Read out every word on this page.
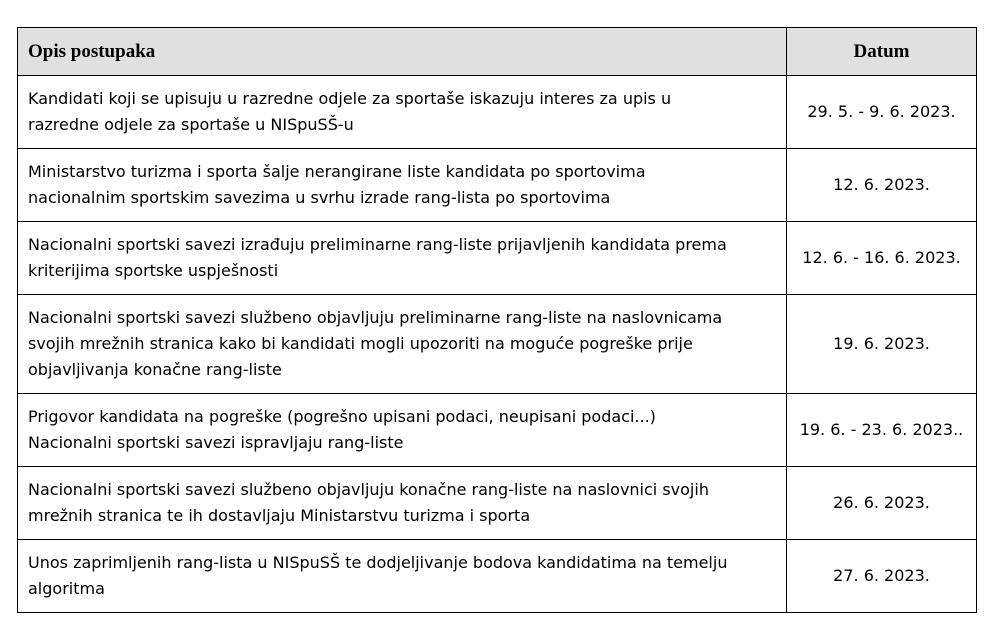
Opis postupaka	Datum

Kandidati koji se upisuju u razredne odjele za sportaše iskazuju interes za upis u
razredne odjele za sportaše u NISpuSŠ-u	29. 5. - 9. 6. 2023.

Ministarstvo turizma i sporta šalje nerangirane liste kandidata po sportovima
nacionalnim sportskim savezima u svrhu izrade rang-lista po sportovima	12. 6. 2023.

Nacionalni sportski savezi izrađuju preliminarne rang-liste prijavljenih kandidata prema
kriterijima sportske uspješnosti	12. 6. - 16. 6. 2023.

Nacionalni sportski savezi službeno objavljuju preliminarne rang-liste na naslovnicama
svojih mrežnih stranica kako bi kandidati mogli upozoriti na moguće pogreške prije
objavljivanja konačne rang-liste	19. 6. 2023.

Prigovor kandidata na pogreške (pogrešno upisani podaci, neupisani podaci...)
Nacionalni sportski savezi ispravljaju rang-liste	19. 6. - 23. 6. 2023..

Nacionalni sportski savezi službeno objavljuju konačne rang-liste na naslovnici svojih
mrežnih stranica te ih dostavljaju Ministarstvu turizma i sporta	26. 6. 2023.

Unos zaprimljenih rang-lista u NISpuSŠ te dodjeljivanje bodova kandidatima na temelju
algoritma	27. 6. 2023.
